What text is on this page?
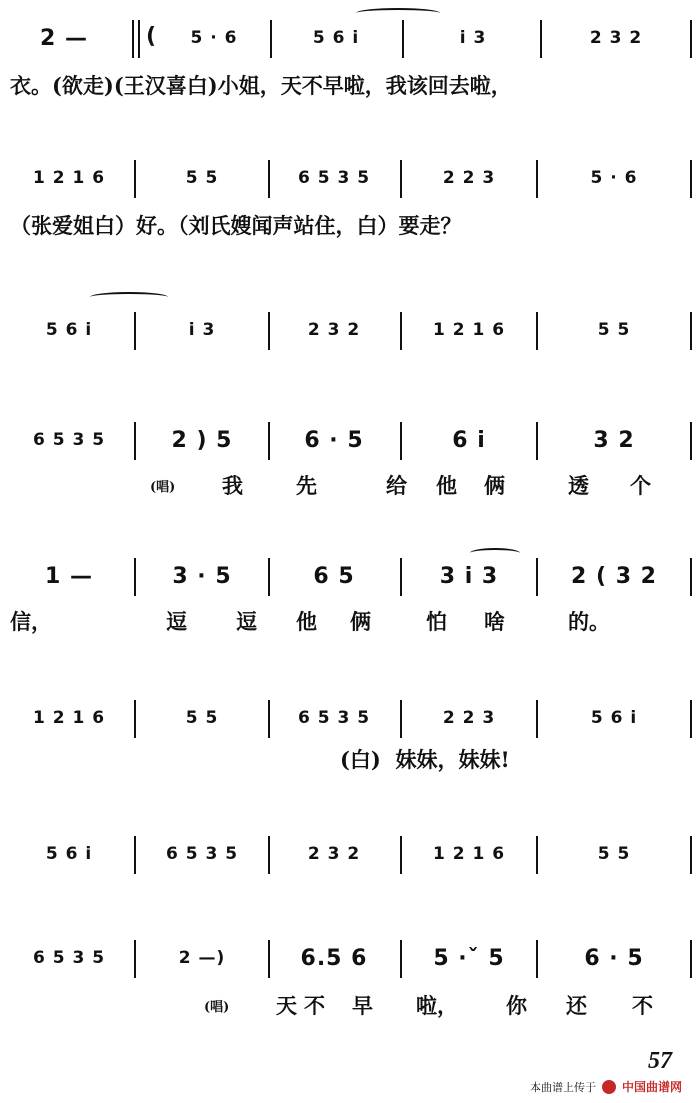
2 —	(	5 · 6	5 6 i	i 3	2 3 2
衣。(欲走)(王汉喜白)小姐，天不早啦，我该回去啦，
1 2 1 6	5 5	6 5 3 5	2 2 3	5 · 6
（张爱姐白）好。（刘氏嫂闻声站住，白）要走？
5 6 i	i 3	2 3 2	1 2 1 6	5 5
6 5 3 5	2 ) 5	6 · 5	6 i	3 2
(唱) 我	先	给 他 俩	透 个
1 —	3 · 5	6 5	3 i 3	2 ( 3 2
信，	逗 逗 他 俩	怕 啥	的。
1 2 1 6	5 5	6 5 3 5	2 2 3	5 6 i
(白)  妹妹，妹妹!
5 6 i	6 5 3 5	2 3 2	1 2 1 6	5 5
6 5 3 5	2 —)	6.5 6	5 ·ˇ 5	6 · 5
(唱) 天 不 早 啦， 你 还 不
57
本曲谱上传于 中国曲谱网
